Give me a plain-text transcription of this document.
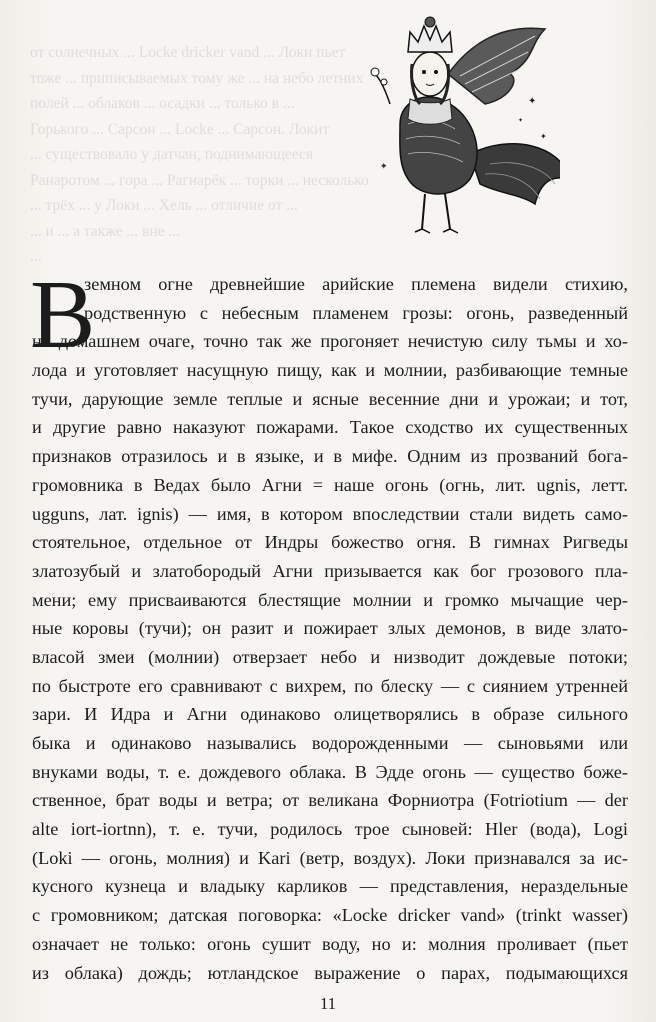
от солнечных ... Locke dricker vand ... Локи пьет
тоже ... приписываемых тому же ... на небо летних
полей ... облаков ... осадки ... только в ...
Горького ... Сарсон ... Locke ... Сарсон. Локит
... существовало у датчан, поднимающееся
Ранаротом ... гора ... Рагнарёк ... торки ... несколько
... трёх ... у Локи ... Хель ... отличие от ...
... и ... а также ... вне ...
...
✦
✦
✦
✦
В
земном огне древнейшие арийские племена видели стихию,
родственную с небесным пламенем грозы: огонь, разведенный
на домашнем очаге, точно так же прогоняет нечистую силу тьмы и хо-
лода и уготовляет насущную пищу, как и молнии, разбивающие темные
тучи, дарующие земле теплые и ясные весенние дни и урожаи; и тот,
и другие равно наказуют пожарами. Такое сходство их существенных
признаков отразилось и в языке, и в мифе. Одним из прозваний бога-
громовника в Ведах было Агни = наше огонь (огнь, лит. ugnis, летт.
ugguns, лат. ignis) — имя, в котором впоследствии стали видеть само-
стоятельное, отдельное от Индры божество огня. В гимнах Ригведы
златозубый и златобородый Агни призывается как бог грозового пла-
мени; ему присваиваются блестящие молнии и громко мычащие чер-
ные коровы (тучи); он разит и пожирает злых демонов, в виде злато-
власой змеи (молнии) отверзает небо и низводит дождевые потоки;
по быстроте его сравнивают с вихрем, по блеску — с сиянием утренней
зари. И Идра и Агни одинаково олицетворялись в образе сильного
быка и одинаково назывались водорожденными — сыновьями или
внуками воды, т. е. дождевого облака. В Эдде огонь — существо боже-
ственное, брат воды и ветра; от великана Форниотра (Fotriotium — der
alte iort-iortnn), т. е. тучи, родилось трое сыновей: Hler (вода), Logi
(Loki — огонь, молния) и Kari (ветр, воздух). Локи признавался за ис-
кусного кузнеца и владыку карликов — представления, нераздельные
с громовником; датская поговорка: «Locke dricker vand» (trinkt wasser)
означает не только: огонь сушит воду, но и: молния проливает (пьет
из облака) дождь; ютландское выражение о парах, подымающихся
11
